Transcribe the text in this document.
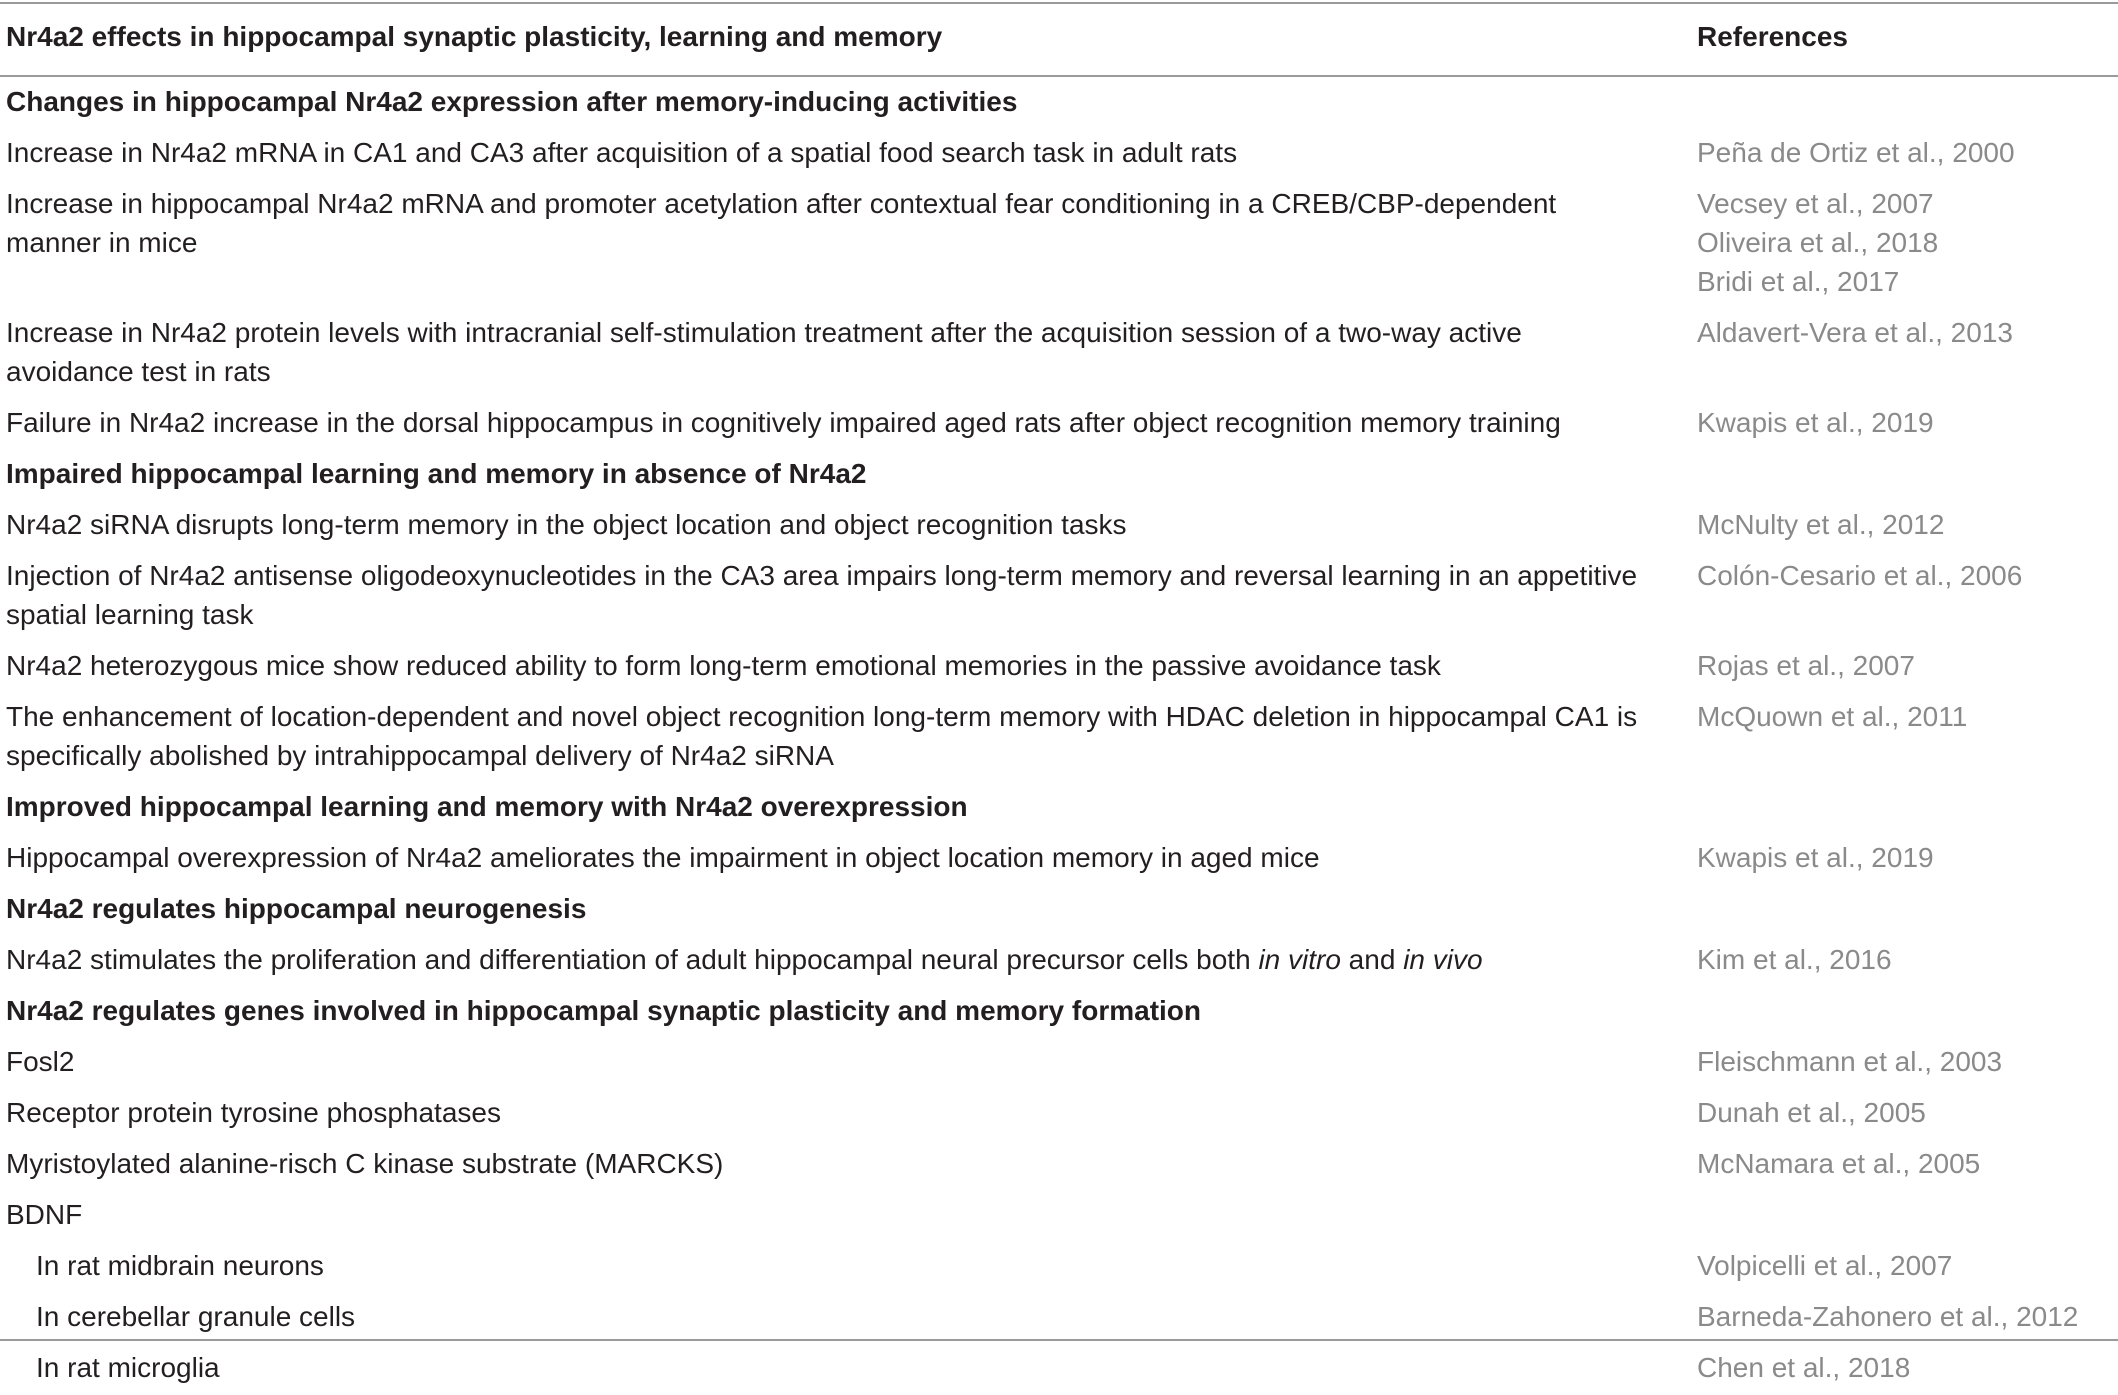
Nr4a2 effects in hippocampal synaptic plasticity, learning and memory	References
Changes in hippocampal Nr4a2 expression after memory-inducing activities	
Increase in Nr4a2 mRNA in CA1 and CA3 after acquisition of a spatial food search task in adult rats	Peña de Ortiz et al., 2000

Increase in hippocampal Nr4a2 mRNA and promoter acetylation after contextual fear conditioning in a CREB/CBP-dependent manner in mice	Vecsey et al., 2007
Oliveira et al., 2018
Bridi et al., 2017

Increase in Nr4a2 protein levels with intracranial self-stimulation treatment after the acquisition session of a two-way active avoidance test in rats	Aldavert-Vera et al., 2013

Failure in Nr4a2 increase in the dorsal hippocampus in cognitively impaired aged rats after object recognition memory training	Kwapis et al., 2019

Impaired hippocampal learning and memory in absence of Nr4a2	
Nr4a2 siRNA disrupts long-term memory in the object location and object recognition tasks	McNulty et al., 2012

Injection of Nr4a2 antisense oligodeoxynucleotides in the CA3 area impairs long-term memory and reversal learning in an appetitive spatial learning task	Colón-Cesario et al., 2006

Nr4a2 heterozygous mice show reduced ability to form long-term emotional memories in the passive avoidance task	Rojas et al., 2007

The enhancement of location-dependent and novel object recognition long-term memory with HDAC deletion in hippocampal CA1 is specifically abolished by intrahippocampal delivery of Nr4a2 siRNA	McQuown et al., 2011

Improved hippocampal learning and memory with Nr4a2 overexpression	
Hippocampal overexpression of Nr4a2 ameliorates the impairment in object location memory in aged mice	Kwapis et al., 2019

Nr4a2 regulates hippocampal neurogenesis	
Nr4a2 stimulates the proliferation and differentiation of adult hippocampal neural precursor cells both in vitro and in vivo	Kim et al., 2016

Nr4a2 regulates genes involved in hippocampal synaptic plasticity and memory formation	
Fosl2	Fleischmann et al., 2003

Receptor protein tyrosine phosphatases	Dunah et al., 2005

Myristoylated alanine-risch C kinase substrate (MARCKS)	McNamara et al., 2005

BDNF	
In rat midbrain neurons	Volpicelli et al., 2007

In cerebellar granule cells	Barneda-Zahonero et al., 2012

In rat microglia	Chen et al., 2018
